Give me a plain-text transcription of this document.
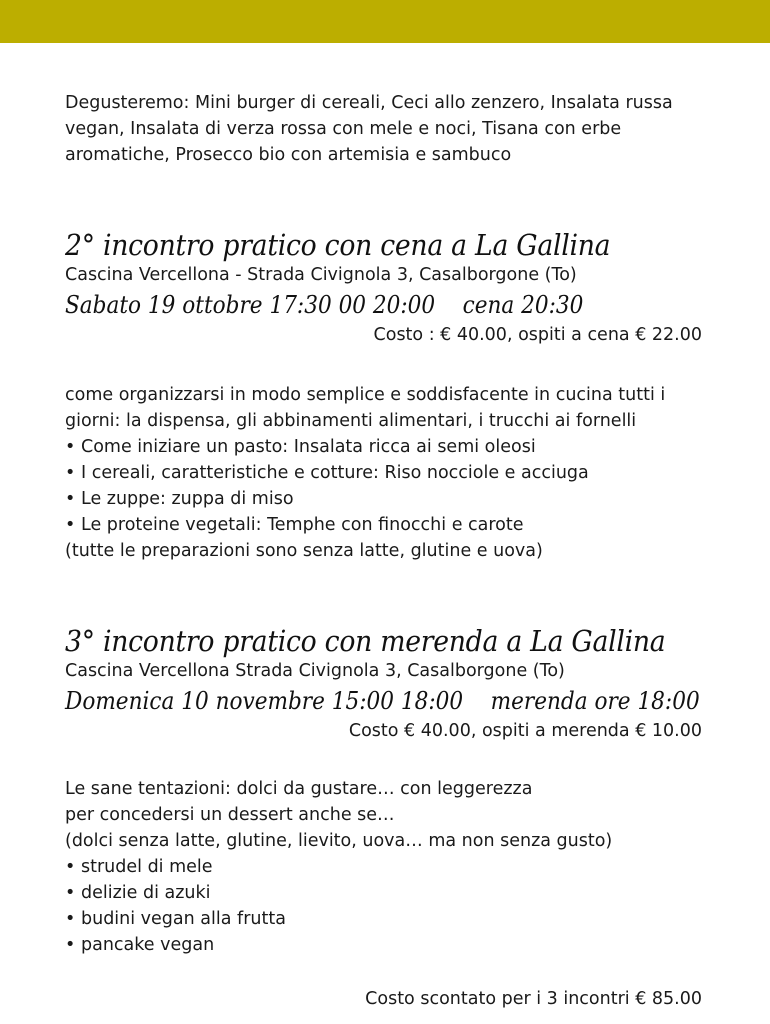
Degusteremo: Mini burger di cereali, Ceci allo zenzero, Insalata russa

vegan, Insalata di verza rossa con mele e noci, Tisana con erbe

aromatiche, Prosecco bio con artemisia e sambuco

2° incontro pratico con cena a La Gallina

Cascina Vercellona - Strada Civignola 3, Casalborgone (To)

Sabato 19 ottobre 17:30 00 20:00    cena 20:30

Costo : € 40.00, ospiti a cena € 22.00

come organizzarsi in modo semplice e soddisfacente in cucina tutti i

giorni: la dispensa, gli abbinamenti alimentari, i trucchi ai fornelli

• Come iniziare un pasto: Insalata ricca ai semi oleosi
• I cereali, caratteristiche e cotture: Riso nocciole e acciuga
• Le zuppe: zuppa di miso
• Le proteine vegetali: Temphe con finocchi e carote

(tutte le preparazioni sono senza latte, glutine e uova)

3° incontro pratico con merenda a La Gallina

Cascina Vercellona Strada Civignola 3, Casalborgone (To)

Domenica 10 novembre 15:00 18:00    merenda ore 18:00

Costo € 40.00, ospiti a merenda € 10.00

Le sane tentazioni: dolci da gustare… con leggerezza

per concedersi un dessert anche se…

(dolci senza latte, glutine, lievito, uova… ma non senza gusto)

• strudel di mele
• delizie di azuki
• budini vegan alla frutta
• pancake vegan

Costo scontato per i 3 incontri € 85.00
